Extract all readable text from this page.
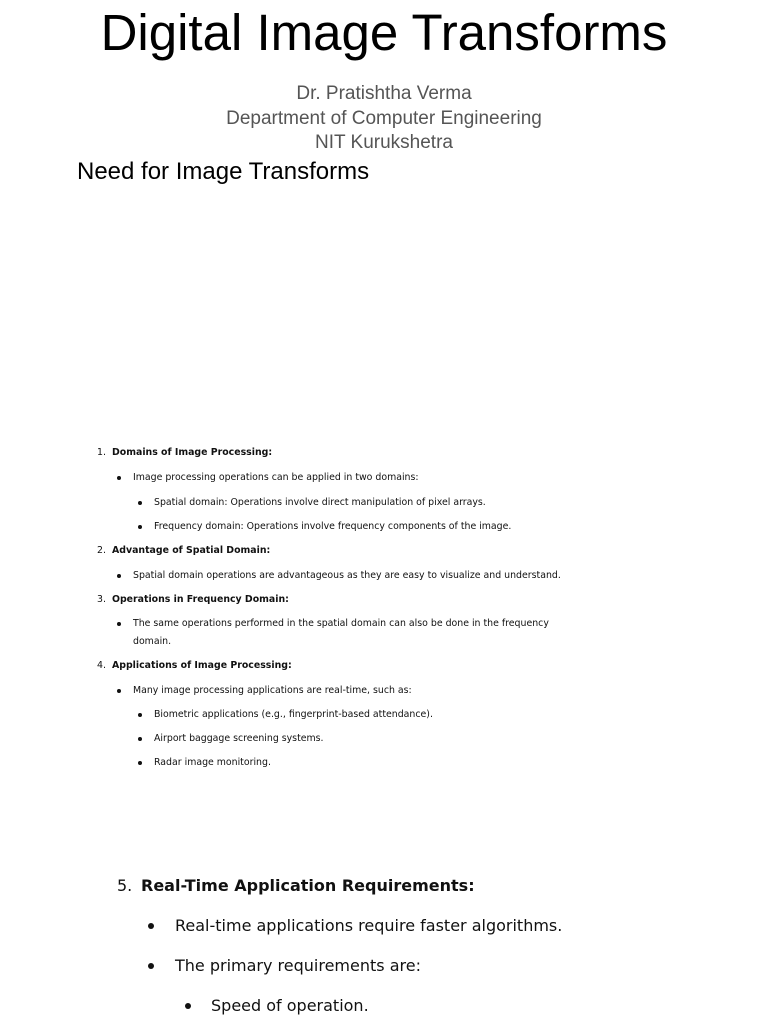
Digital Image Transforms
Dr. Pratishtha Verma
Department of Computer Engineering
NIT Kurukshetra
Need for Image Transforms
1. Domains of Image Processing:
Image processing operations can be applied in two domains:
Spatial domain: Operations involve direct manipulation of pixel arrays.
Frequency domain: Operations involve frequency components of the image.
2. Advantage of Spatial Domain:
Spatial domain operations are advantageous as they are easy to visualize and understand.
3. Operations in Frequency Domain:
The same operations performed in the spatial domain can also be done in the frequency
domain.
4. Applications of Image Processing:
Many image processing applications are real-time, such as:
Biometric applications (e.g., fingerprint-based attendance).
Airport baggage screening systems.
Radar image monitoring.
5. Real-Time Application Requirements:
Real-time applications require faster algorithms.
The primary requirements are:
Speed of operation.
